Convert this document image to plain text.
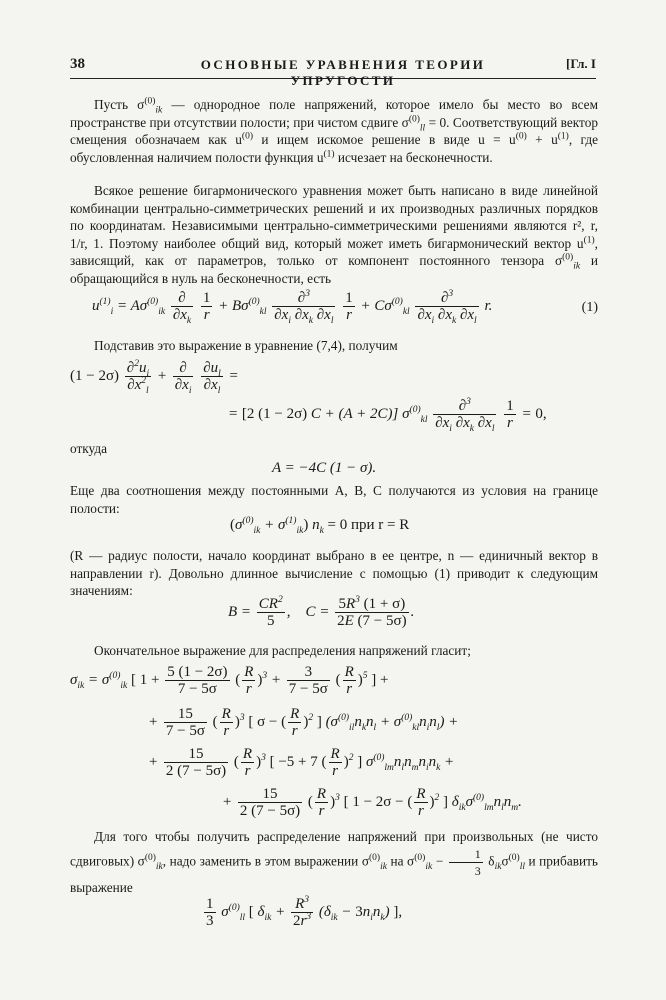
38	ОСНОВНЫЕ УРАВНЕНИЯ ТЕОРИИ УПРУГОСТИ
[Гл. I
Пусть $\sigma^{(0)}_{ik}$ — однородное поле напряжений, которое имело бы место во всем пространстве при отсутствии полости; при чистом сдвиге $\sigma^{(0)}_{ll} = 0$. Соответствующий вектор смещения обозначаем как $u^{(0)}$ и ищем искомое решение в виде $u = u^{(0)} + u^{(1)}$, где обусловленная наличием полости функция $u^{(1)}$ исчезает на бесконечности.
Всякое решение бигармонического уравнения может быть написано в виде линейной комбинации центрально-симметрических решений и их производных различных порядков по координатам. Независимыми центрально-симметрическими решениями являются r², r, 1/r, 1. Поэтому наиболее общий вид, который может иметь бигармонический вектор $u^{(1)}$, зависящий, как от параметров, только от компонент постоянного тензора $\sigma^{(0)}_{ik}$ и обращающийся в нуль на бесконечности, есть
$u^{(1)}_i = A\sigma^{(0)}_{ik} \frac{\partial}{\partial x_k}$
$\frac{1}{r} + B\sigma^{(0)}_{kl} \frac{\partial^3}{\partial x_i \partial x_k \partial x_l}$
$\frac{1}{r} + C\sigma^{(0)}_{kl} \frac{\partial^3}{\partial x_i \partial x_k \partial x_l} r$.	(1)
Подставив это выражение в уравнение (7,4), получим
$(1 - 2\sigma) \frac{\partial^2u_i}{\partial x^2_l} + \frac{\partial}{\partial x_i}$
$\frac{\partial u_l}{\partial x_l}$ =
= [2 (1 − 2σ) C + (A + 2C)] $\sigma^{(0)}_{kl} \frac{\partial^3}{\partial x_i \partial x_k \partial x_l}$
$\frac{1}{r} = 0$,
откуда
A = −4C (1 − σ).
Еще два соотношения между постоянными A, B, C получаются из условия на границе полости:
$(\sigma^{(0)}_{ik} + \sigma^{(1)}_{ik}) n_k = 0$ при r = R
(R — радиус полости, начало координат выбрано в ее центре, n — единичный вектор в направлении r). Довольно длинное вычисление с помощью (1) приводит к следующим значениям:
$B = \frac{CR^2}{5}$ ,    $C = \frac{5R^3 (1 + \sigma)}{2E (7 - 5\sigma)}$ .
Окончательное выражение для распределения напряжений гласит;
$\sigma_{ik} = \sigma^{(0)}_{ik}$ [ $1 + \frac{5 (1 - 2\sigma)}{7 - 5\sigma}$ ( $\frac{R}{r} )^3 + \frac{3}{7 - 5\sigma}$ ( $\frac{R}{r} )^5$ ] +
+ $\frac{15}{7 - 5\sigma}$ ( $\frac{R}{r} )^3$ [ σ − ( $\frac{R}{r} )^2$ ] $(\sigma^{(0)}_{il}n_kn_l + \sigma^{(0)}_{kl}n_in_l)$ +
+ $\frac{15}{2 (7 - 5\sigma)}$ ( $\frac{R}{r} )^3$ [ −5 + 7 ( $\frac{R}{r} )^2$ ] $\sigma^{(0)}_{lm}n_ln_mn_in_k$ +
+ $\frac{15}{2 (7 - 5\sigma)}$ ( $\frac{R}{r} )^3$ [ 1 − 2σ − ( $\frac{R}{r} )^2$ ] $\delta_{ik}\sigma^{(0)}_{lm}n_ln_m$.
Для того чтобы получить распределение напряжений при произвольных (не чисто сдвиговых) $\sigma^{(0)}_{ik}$, надо заменить в этом выражении $\sigma^{(0)}_{ik}$ на $\sigma^{(0)}_{ik} - \frac{1}{3} \delta_{ik}\sigma^{(0)}_{ll}$ и прибавить выражение
$\frac{1}{3} \sigma^{(0)}_{ll}$ [ $\delta_{ik} + \frac{R^3}{2r^3} (\delta_{ik} - 3n_in_k)$ ],
